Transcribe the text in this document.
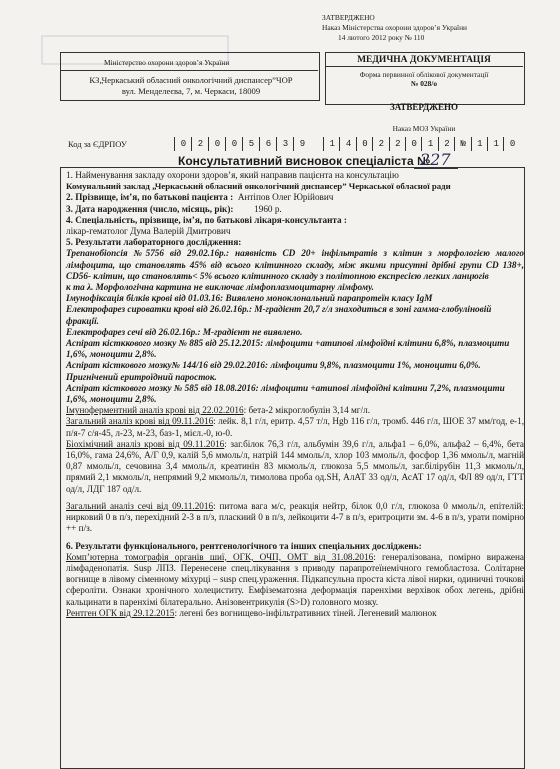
ЗАТВЕРДЖЕНО
Наказ Міністерства охорони здоров’я України
14 лютого 2012 року № 110
Міністерство охорони здоров’я України
КЗ„Черкаський обласний онкологічний диспансер”ЧОР
вул. Менделеєва, 7, м. Черкаси, 18009
МЕДИЧНА ДОКУМЕНТАЦІЯ
Форма первинної облікової документації
№ 028/о
ЗАТВЕРДЖЕНО
Наказ МОЗ України
Код за ЄДРПОУ	0	2	0	0	5	6	3	9	1	4	0	2	2	0	1	2	№	1	1	0
Консультативний висновок спеціаліста №
227

1. Найменування закладу охорони здоров’я, який направив пацієнта на консультацію

Комунальний заклад „Черкаський обласний онкологічний диспансер” Черкаської обласної ради

2. Прізвище, ім’я, по батькові пацієнта : Антіпов Олег Юрійович

3. Дата народження (число, місяць, рік): 1960 р.

4. Спеціальність, прізвище, ім’я, по батькові лікаря-консультанта :

лікар-гематолог Дума Валерій Дмитрович

5. Результати лабораторного дослідження:

Трепанобіопсія №5756 від 29.02.16р.: наявність CD 20+ інфільтратів з клітин з морфологією малого лімфоцита, що становлять 45% від всього клітинного складу, між якими присутні дрібні групи CD 138+, CD56- клітин, що становлять< 5% всього клітинного складу з політопною експресією легких ланцюгів

к та λ. Морфологічна картина не виключає лімфоплазмоцитарну лімфому.

Імунофіксація білків крові від 01.03.16: Виявлено моноклональний парапротеїн класу IgM

Електрофарез сироватки крові від 26.02.16р.: М-градієнт 20,7 г/л знаходиться в зоні гамма-глобуліновій фракції.

Електрофарез сечі від 26.02.16р.: М-градієнт не виявлено.

Аспірат кістккового мозку № 885 від 25.12.2015: лімфоцити +атипові лімфоїдні клітини 6,8%, плазмоцити 1,6%, моноцити 2,8%.

Аспірат кісткового мозку№ 144/16 від 29.02.2016: лімфоцити 9,8%, плазмоцити 1%, моноцити 6,0%. Пригнічений еритроїдний паросток.

Аспірат кісткового мозку № 585 від 18.08.2016: лімфоцити +атипові лімфоїдні клітини 7,2%, плазмоцити 1,6%, моноцити 2,8%.

Імуноферментний аналіз крові від 22.02.2016: бета-2 мікроглобулін 3,14 мг/л.

Загальний аналіз крові від 09.11.2016: лейк. 8,1 г/л, еритр. 4,57 т/л, Hgb 116 г/л, тромб. 446 г/л, ШОЕ 37 мм/год, е-1, п/я-7 с/я-45, л-23, м-23, баз-1, мієл.-0, ю-0.

Біохімічний аналіз крові від 09.11.2016: заг.білок 76,3 г/л, альбумін 39,6 г/л, альфа1 – 6,0%, альфа2 – 6,4%, бета 16,0%, гама 24,6%, А/Г 0,9, калій 5,6 ммоль/л, натрій 144 ммоль/л, хлор 103 ммоль/л, фосфор 1,36 ммоль/л, магній 0,87 ммоль/л, сечовина 3,4 ммоль/л, креатинін 83 мкмоль/л, глюкоза 5,5 ммоль/л, заг.білірубін 11,3 мкмоль/л, прямий 2,1 мкмоль/л, непрямий 9,2 мкмоль/л, тимолова проба од.SH, АлАТ 33 од/л, АсАТ 17 од/л, ФЛ 89 од/л, ГТТ од/л, ЛДГ 187 од/л.

Загальний аналіз сечі від 09.11.2016: питома вага м/с, реакція нейтр, білок 0,0 г/л, глюкоза 0 ммоль/л, епітелій: нирковий 0 в п/з, перехідний 2-3 в п/з, пласкиий 0 в п/з, лейкоцити 4-7 в п/з, еритроцити зм. 4-6 в п/з, урати помірно ++ п/з.

6. Результати функціонального, рентгенологічного та інших спеціальних досліджень:

Комп’ютерна томографія органів шиї, ОГК, ОЧП, ОМТ від 31.08.2016: генералізована, помірно виражена лімфаденопатія. Susp ЛПЗ. Перенесене спец.лікування з приводу парапротеїнемічного гемобластоза. Солітарне вогнище в лівому сімeнному міхурці – susp спец.ураження. Підкапсульна проста кіста лівої нирки, одиничні точкові сфероліти. Ознаки хронічного холециститу. Емфізематозна деформація паренхіми верхівок обох легень, дрібні кальцинати в паренхімі білатерально. Анізовентрикулія (S>D) головного мозку.

Рентген ОГК від 29.12.2015: легені без вогнищево-інфільтративних тіней. Легеневий малюнок
